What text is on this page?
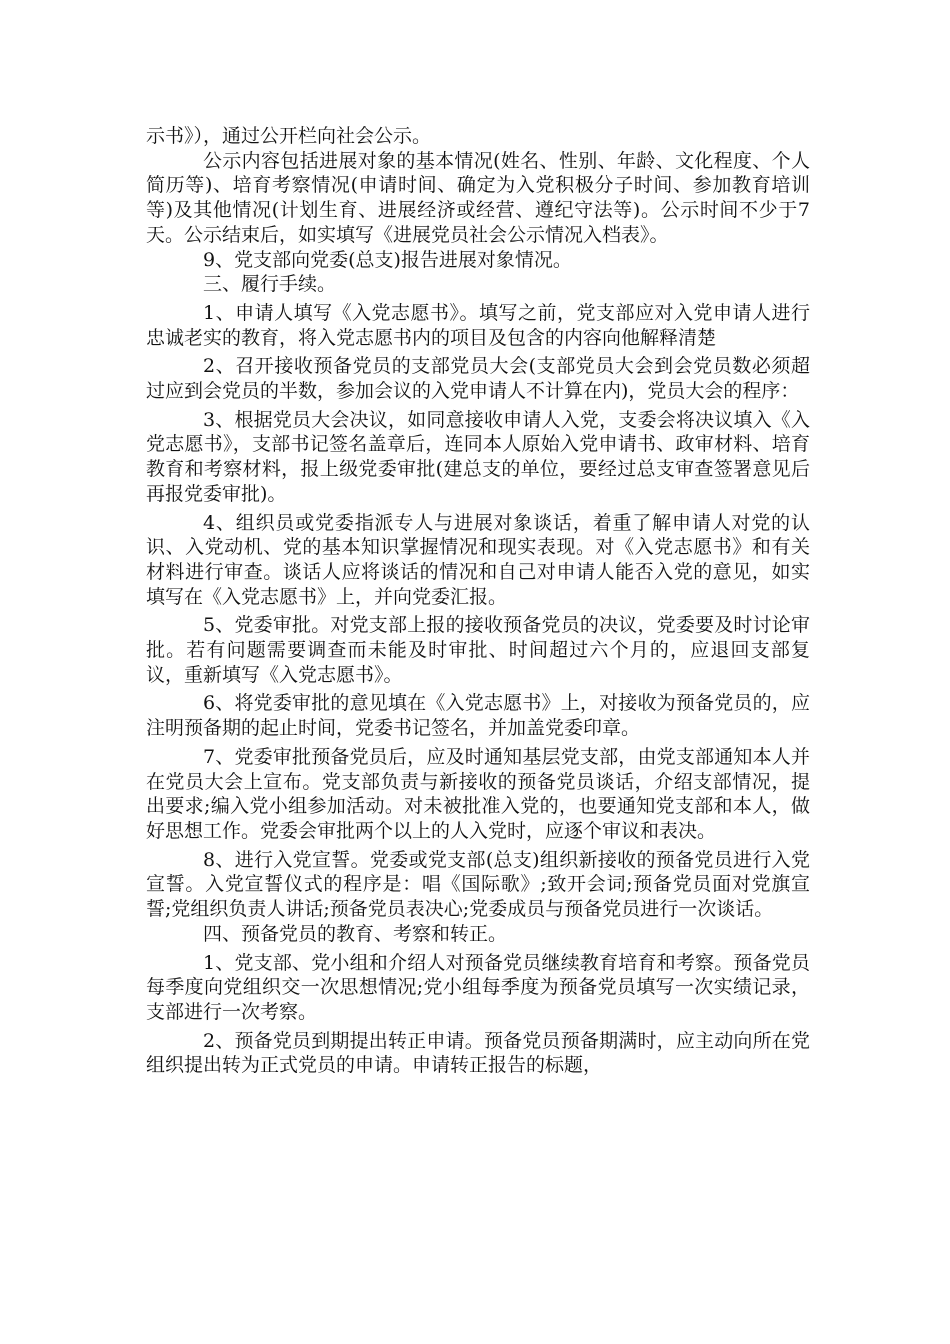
示书》），通过公开栏向社会公示。

公示内容包括进展对象的基本情况(姓名、性别、年龄、文化程度、个人简历等)、培育考察情况(申请时间、确定为入党积极分子时间、参加教育培训等)及其他情况(计划生育、进展经济或经营、遵纪守法等)。公示时间不少于7天。公示结束后，如实填写《进展党员社会公示情况入档表》。

9、党支部向党委(总支)报告进展对象情况。

三、履行手续。

1、申请人填写《入党志愿书》。填写之前，党支部应对入党申请人进行忠诚老实的教育，将入党志愿书内的项目及包含的内容向他解释清楚

2、召开接收预备党员的支部党员大会(支部党员大会到会党员数必须超过应到会党员的半数，参加会议的入党申请人不计算在内)，党员大会的程序：

3、根据党员大会决议，如同意接收申请人入党，支委会将决议填入《入党志愿书》，支部书记签名盖章后，连同本人原始入党申请书、政审材料、培育教育和考察材料，报上级党委审批(建总支的单位，要经过总支审查签署意见后再报党委审批)。

4、组织员或党委指派专人与进展对象谈话，着重了解申请人对党的认识、入党动机、党的基本知识掌握情况和现实表现。对《入党志愿书》和有关材料进行审查。谈话人应将谈话的情况和自己对申请人能否入党的意见，如实填写在《入党志愿书》上，并向党委汇报。

5、党委审批。对党支部上报的接收预备党员的决议，党委要及时讨论审批。若有问题需要调查而未能及时审批、时间超过六个月的，应退回支部复议，重新填写《入党志愿书》。

6、将党委审批的意见填在《入党志愿书》上，对接收为预备党员的，应注明预备期的起止时间，党委书记签名，并加盖党委印章。

7、党委审批预备党员后，应及时通知基层党支部，由党支部通知本人并在党员大会上宣布。党支部负责与新接收的预备党员谈话，介绍支部情况，提出要求;编入党小组参加活动。对未被批准入党的，也要通知党支部和本人，做好思想工作。党委会审批两个以上的人入党时，应逐个审议和表决。

8、进行入党宣誓。党委或党支部(总支)组织新接收的预备党员进行入党宣誓。入党宣誓仪式的程序是：唱《国际歌》;致开会词;预备党员面对党旗宣誓;党组织负责人讲话;预备党员表决心;党委成员与预备党员进行一次谈话。

四、预备党员的教育、考察和转正。

1、党支部、党小组和介绍人对预备党员继续教育培育和考察。预备党员每季度向党组织交一次思想情况;党小组每季度为预备党员填写一次实绩记录，支部进行一次考察。

2、预备党员到期提出转正申请。预备党员预备期满时，应主动向所在党组织提出转为正式党员的申请。申请转正报告的标题，
